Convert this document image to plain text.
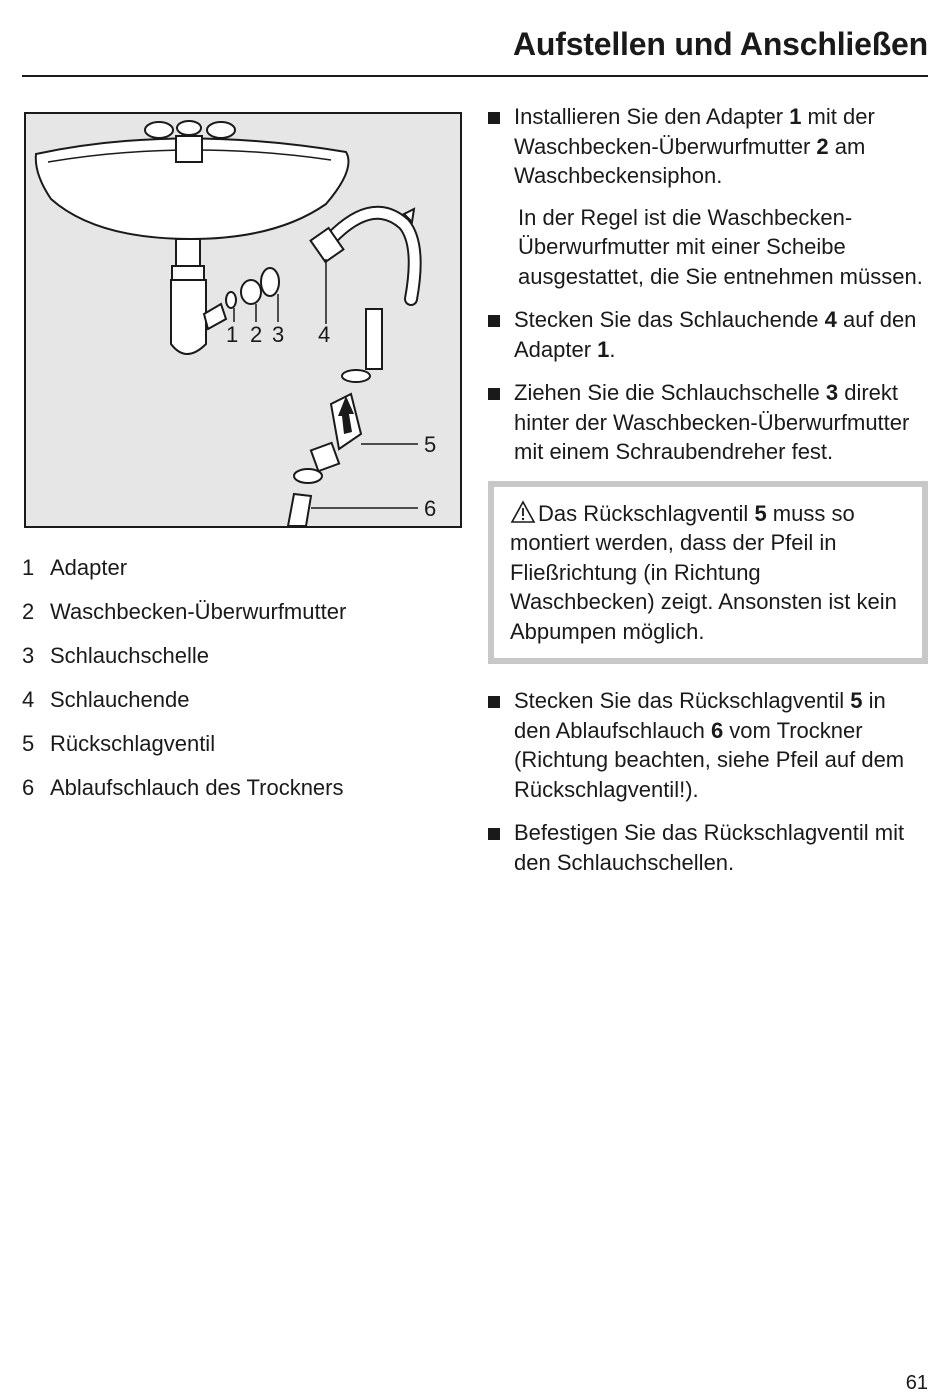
Aufstellen und Anschließen
1 2 3 4
5
6
1 Adapter
2 Waschbecken-Überwurfmutter
3 Schlauchschelle
4 Schlauchende
5 Rückschlagventil
6 Ablaufschlauch des Trockners
Installieren Sie den Adapter 1 mit der Waschbecken-Überwurfmutter 2 am Waschbeckensiphon.
In der Regel ist die Waschbecken-Überwurfmutter mit einer Scheibe ausgestattet, die Sie entnehmen müssen.
Stecken Sie das Schlauchende 4 auf den Adapter 1.
Ziehen Sie die Schlauchschelle 3 direkt hinter der Waschbecken-Überwurfmutter mit einem Schraubendreher fest.
Das Rückschlagventil 5 muss so montiert werden, dass der Pfeil in Fließrichtung (in Richtung Waschbecken) zeigt. Ansonsten ist kein Abpumpen möglich.
Stecken Sie das Rückschlagventil 5 in den Ablaufschlauch 6 vom Trockner (Richtung beachten, siehe Pfeil auf dem Rückschlagventil!).
Befestigen Sie das Rückschlagventil mit den Schlauchschellen.

61
